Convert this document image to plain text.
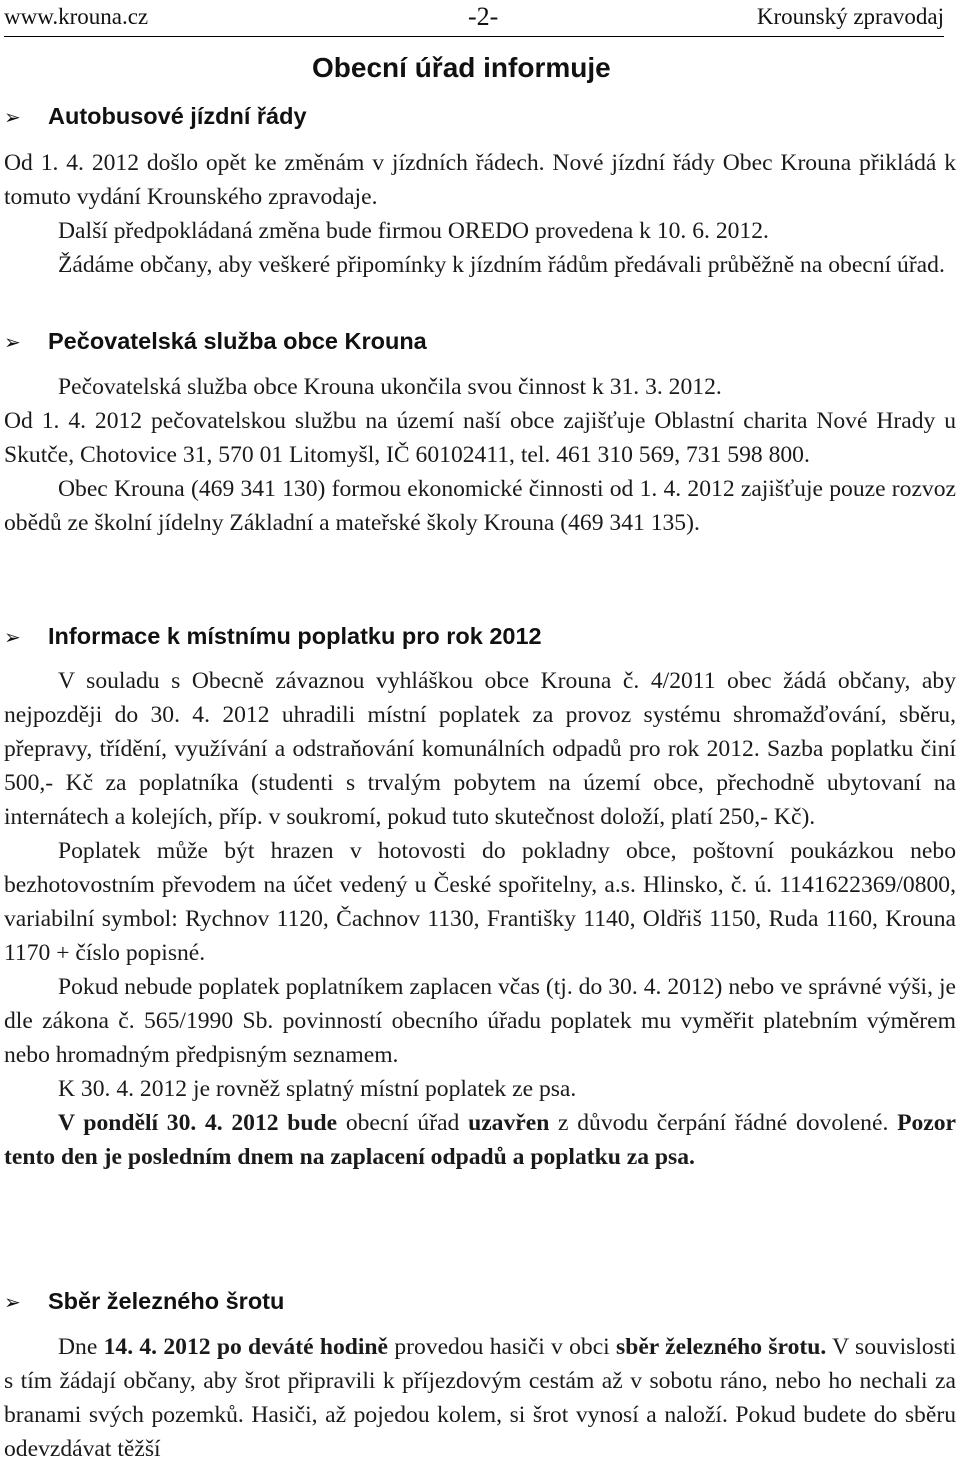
www.krouna.cz	-2-	Krounský zpravodaj
Obecní úřad informuje
➢ Autobusové jízdní řády

Od 1. 4. 2012 došlo opět ke změnám v jízdních řádech. Nové jízdní řády Obec Krouna přikládá k tomuto vydání Krounského zpravodaje.

Další předpokládaná změna bude firmou OREDO provedena k 10. 6. 2012.

Žádáme občany, aby veškeré připomínky k jízdním řádům předávali průběžně na obecní úřad.

➢ Pečovatelská služba obce Krouna

Pečovatelská služba obce Krouna ukončila svou činnost k 31. 3. 2012.

Od 1. 4. 2012 pečovatelskou službu na území naší obce zajišťuje Oblastní charita Nové Hrady u Skutče, Chotovice 31, 570 01 Litomyšl, IČ 60102411, tel. 461 310 569, 731 598 800.

Obec Krouna (469 341 130) formou ekonomické činnosti od 1. 4. 2012 zajišťuje pouze rozvoz obědů ze školní jídelny Základní a mateřské školy Krouna (469 341 135).

➢ Informace k místnímu poplatku pro rok 2012

V souladu s Obecně závaznou vyhláškou obce Krouna č. 4/2011 obec žádá občany, aby nejpozději do 30. 4. 2012 uhradili místní poplatek za provoz systému shromažďování, sběru, přepravy, třídění, využívání a odstraňování komunálních odpadů pro rok 2012. Sazba poplatku činí 500,- Kč za poplatníka (studenti s trvalým pobytem na území obce, přechodně ubytovaní na internátech a kolejích, příp. v soukromí, pokud tuto skutečnost doloží, platí 250,- Kč).

Poplatek může být hrazen v hotovosti do pokladny obce, poštovní poukázkou nebo bezhotovostním převodem na účet vedený u České spořitelny, a.s. Hlinsko, č. ú. 1141622369/0800, variabilní symbol: Rychnov 1120, Čachnov 1130, Františky 1140, Oldřiš 1150, Ruda 1160, Krouna 1170 + číslo popisné.

Pokud nebude poplatek poplatníkem zaplacen včas (tj. do 30. 4. 2012) nebo ve správné výši, je dle zákona č. 565/1990 Sb. povinností obecního úřadu poplatek mu vyměřit platebním výměrem nebo hromadným předpisným seznamem.

K 30. 4. 2012 je rovněž splatný místní poplatek ze psa.

V pondělí 30. 4. 2012 bude obecní úřad uzavřen z důvodu čerpání řádné dovolené. Pozor tento den je posledním dnem na zaplacení odpadů a poplatku za psa.

➢ Sběr železného šrotu

Dne 14. 4. 2012 po deváté hodině provedou hasiči v obci sběr železného šrotu. V souvislosti s tím žádají občany, aby šrot připravili k příjezdovým cestám až v sobotu ráno, nebo ho nechali za branami svých pozemků. Hasiči, až pojedou kolem, si šrot vynosí a naloží. Pokud budete do sběru odevzdávat těžší
